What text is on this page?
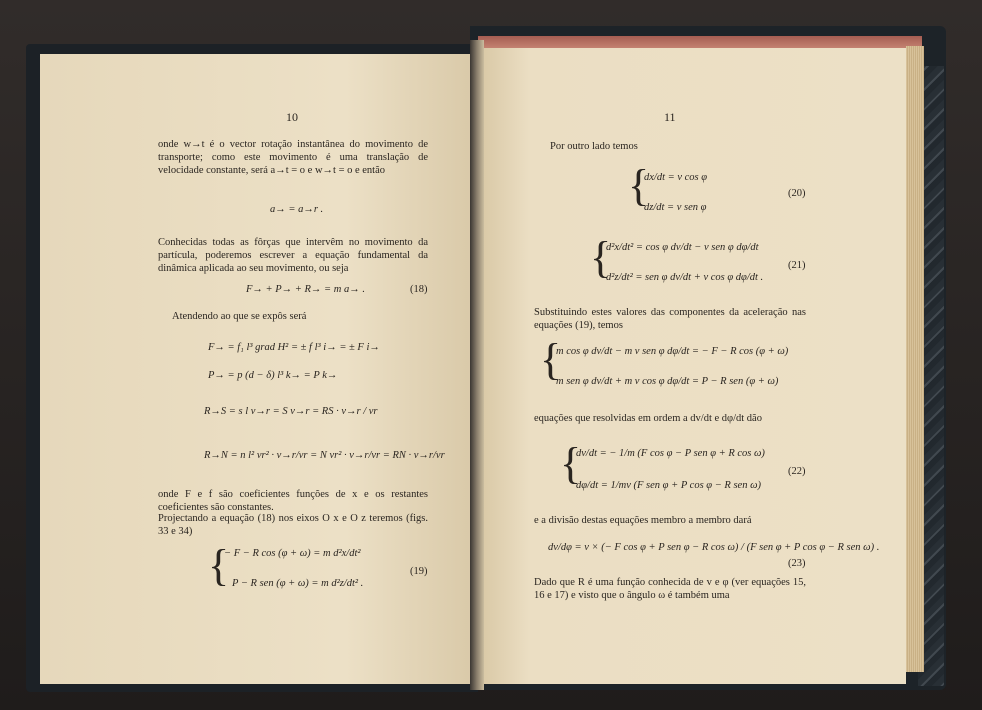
10
onde w→t é o vector rotação instantânea do movimento de transporte; como este movimento é uma translação de velocidade constante, será a→t = o e w→t = o e então
a→ = a→r .
Conhecidas todas as fôrças que intervêm no movimento da partícula, poderemos escrever a equação fundamental da dinâmica aplicada ao seu movimento, ou seja
F→ + P→ + R→ = m a→ .	(18)
Atendendo ao que se expôs será
F→ = f₁ l³ grad H² = ± f l³ i→ = ± F i→
P→ = p (d − δ) l³ k→ = P k→
R→S = s l v→r = S v→r = RS · v→r / vr
R→N = n l² vr² · v→r/vr = N vr² · v→r/vr = RN · v→r/vr
onde F e f são coeficientes funções de x e os restantes coeficientes são constantes.
Projectando a equação (18) nos eixos O x e O z teremos (figs. 33 e 34)
{
− F − R cos (φ + ω) = m d²x/dt²
P − R sen (φ + ω) = m d²z/dt² .
(19)
11
Por outro lado temos
{
dx/dt = v cos φ
dz/dt = v sen φ
(20)
{
d²x/dt² = cos φ dv/dt − v sen φ dφ/dt
d²z/dt² = sen φ dv/dt + v cos φ dφ/dt .
(21)
Substituindo estes valores das componentes da aceleração nas equações (19), temos
{
m cos φ dv/dt − m v sen φ dφ/dt = − F − R cos (φ + ω)
m sen φ dv/dt + m v cos φ dφ/dt = P − R sen (φ + ω)
equações que resolvidas em ordem a dv/dt e dφ/dt dão
{
dv/dt = − 1/m (F cos φ − P sen φ + R cos ω)
dφ/dt = 1/mv (F sen φ + P cos φ − R sen ω)
(22)
e a divisão destas equações membro a membro dará
dv/dφ = v × (− F cos φ + P sen φ − R cos ω) / (F sen φ + P cos φ − R sen ω) .
(23)
Dado que R é uma função conhecida de v e φ (ver equações 15, 16 e 17) e visto que o ângulo ω é também uma
